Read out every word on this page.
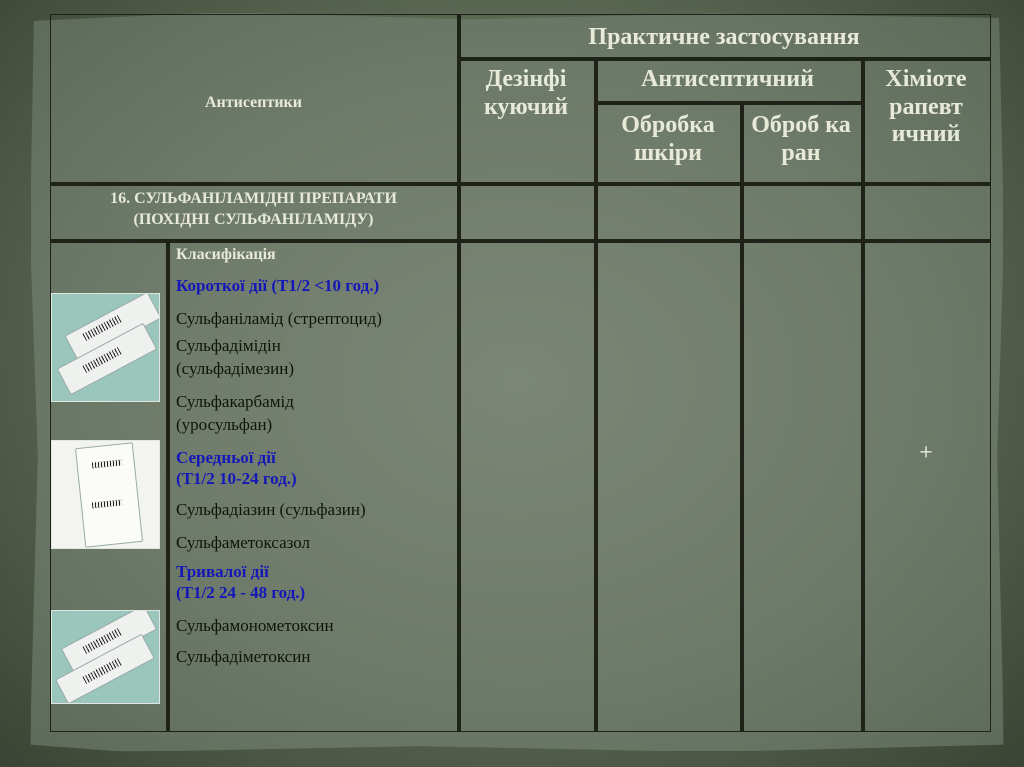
Антисептики
Практичне застосування
Дезінфі куючий
Антисептичний	Хіміоте рапевт ичний
Обробка шкіри
Оброб ка ран
16. СУЛЬФАНІЛАМІДНІ ПРЕПАРАТИ
(ПОХІДНІ СУЛЬФАНІЛАМІДУ)
+
Класифікація
Короткої дії (Т1/2 <10 год.)
Сульфаніламід (стрептоцид)
Сульфадімідін
(сульфадімезин)
Сульфакарбамід
(уросульфан)
Середньої дії
(Т1/2 10-24 год.)
Сульфадіазин (сульфазин)
Сульфаметоксазол
Тривалої дії
(Т1/2 24 - 48 год.)
Сульфамонометоксин
Сульфадіметоксин
